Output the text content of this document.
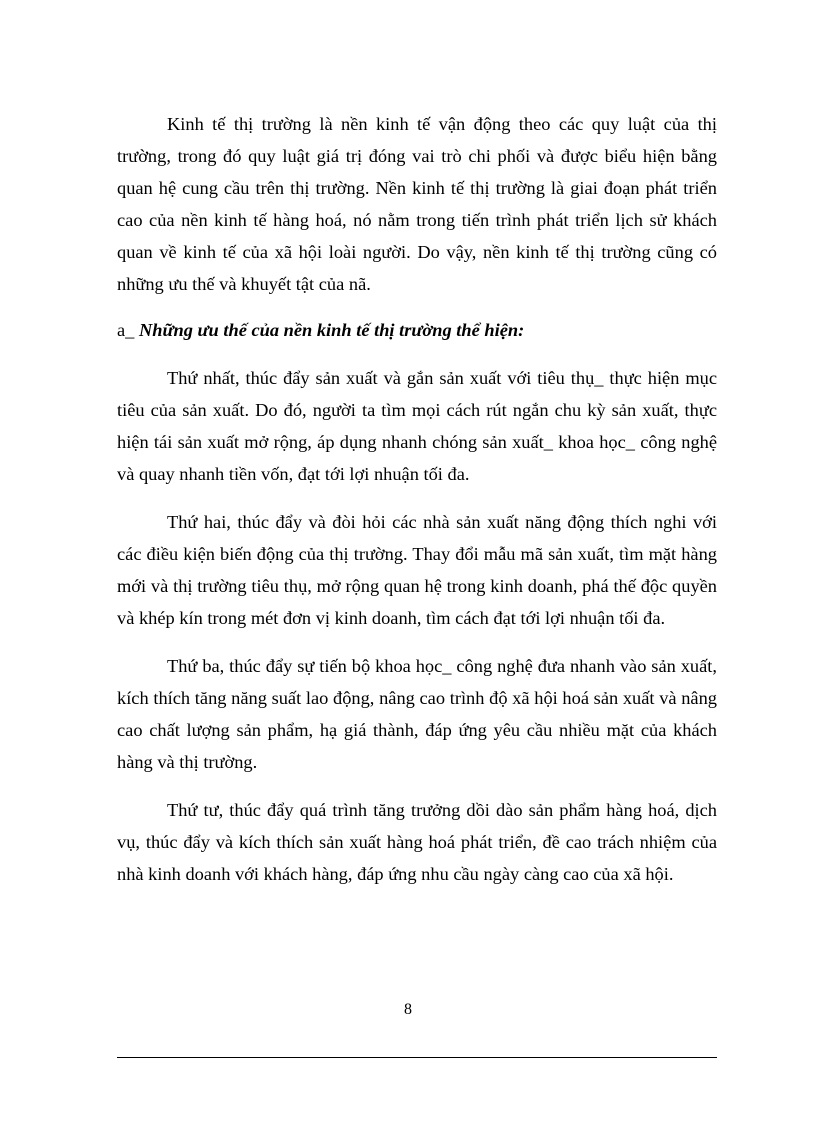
Kinh tế thị trường là nền kinh tế vận động theo các quy luật của thị trường, trong đó quy luật giá trị đóng vai trò chi phối và được biểu hiện bằng quan hệ cung cầu trên thị trường. Nền kinh tế thị trường là giai đoạn phát triển cao của nền kinh tế hàng hoá, nó nằm trong tiến trình phát triển lịch sử khách quan về kinh tế của xã hội loài người. Do vậy, nền kinh tế thị trường cũng có những ưu thế và khuyết tật của nã.

a_ Những ưu thế của nền kinh tế thị trường thể hiện:

Thứ nhất, thúc đẩy sản xuất và gắn sản xuất với tiêu thụ_ thực hiện mục tiêu của sản xuất. Do đó, người ta tìm mọi cách rút ngắn chu kỳ sản xuất, thực hiện tái sản xuất mở rộng, áp dụng nhanh chóng sản xuất_ khoa học_ công nghệ và quay nhanh tiền vốn, đạt tới lợi nhuận tối đa.

Thứ hai, thúc đẩy và đòi hỏi các nhà sản xuất năng động thích nghi với các điều kiện biến động của thị trường. Thay đổi mẫu mã sản xuất, tìm mặt hàng mới và thị trường tiêu thụ, mở rộng quan hệ trong kinh doanh, phá thế độc quyền và khép kín trong mét đơn vị kinh doanh, tìm cách đạt tới lợi nhuận tối đa.

Thứ ba, thúc đẩy sự tiến bộ khoa học_ công nghệ đưa nhanh vào sản xuất, kích thích tăng năng suất lao động, nâng cao trình độ xã hội hoá sản xuất và nâng cao chất lượng sản phẩm, hạ giá thành, đáp ứng yêu cầu nhiều mặt của khách hàng và thị trường.

Thứ tư, thúc đẩy quá trình tăng trưởng dồi dào sản phẩm hàng hoá, dịch vụ, thúc đẩy và kích thích sản xuất hàng hoá phát triển, đề cao trách nhiệm của nhà kinh doanh với khách hàng, đáp ứng nhu cầu ngày càng cao của xã hội.

8
